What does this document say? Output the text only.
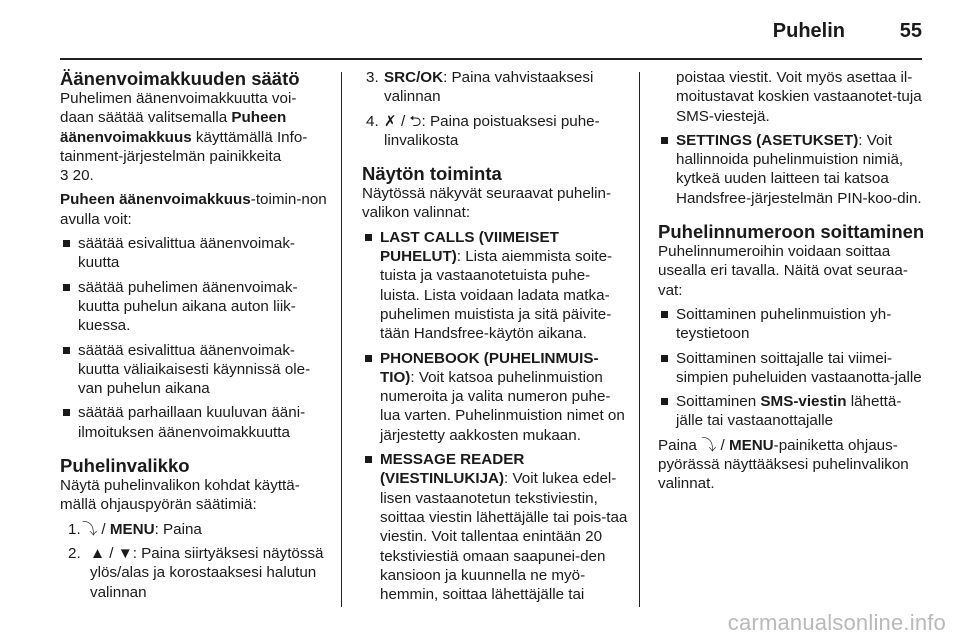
Puhelin	55
Äänenvoimakkuuden säätö

Puhelimen äänenvoimakkuutta voi-daan säätää valitsemalla Puheen äänenvoimakkuus käyttämällä Info-tainment-järjestelmän painikkeita
3 20.

Puheen äänenvoimakkuus-toimin-non avulla voit:

säätää esivalittua äänenvoimak-kuutta
säätää puhelimen äänenvoimak-kuutta puhelun aikana auton liik-kuessa.
säätää esivalittua äänenvoimak-kuutta väliaikaisesti käynnissä ole-van puhelun aikana
säätää parhaillaan kuuluvan ääni-ilmoituksen äänenvoimakkuutta
Puhelinvalikko

Näytä puhelinvalikon kohdat käyttä-mällä ohjauspyörän säätimiä:

1. ⤵ / MENU: Paina
2. ▲ / ▼: Paina siirtyäksesi näytössä ylös/alas ja korostaaksesi halutun valinnan
3. SRC/OK: Paina vahvistaaksesi valinnan
4. ✗ / ⮌: Paina poistuaksesi puhe-linvalikosta
Näytön toiminta

Näytössä näkyvät seuraavat puhelin-valikon valinnat:

LAST CALLS (VIIMEISET PUHELUT): Lista aiemmista soite-tuista ja vastaanotetuista puhe-luista. Lista voidaan ladata matka-puhelimen muistista ja sitä päivite-tään Handsfree-käytön aikana.
PHONEBOOK (PUHELINMUIS-TIO): Voit katsoa puhelinmuistion numeroita ja valita numeron puhe-lua varten. Puhelinmuistion nimet on järjestetty aakkosten mukaan.
MESSAGE READER (VIESTINLUKIJA): Voit lukea edel-lisen vastaanotetun tekstiviestin, soittaa viestin lähettäjälle tai pois-taa viestin. Voit tallentaa enintään 20 tekstiviestiä omaan saapunei-den kansioon ja kuunnella ne myö-hemmin, soittaa lähettäjälle tai

poistaa viestit. Voit myös asettaa il-moitustavat koskien vastaanotet-tuja SMS-viestejä.

SETTINGS (ASETUKSET): Voit hallinnoida puhelinmuistion nimiä, kytkeä uuden laitteen tai katsoa Handsfree-järjestelmän PIN-koo-din.
Puhelinnumeroon soittaminen

Puhelinnumeroihin voidaan soittaa usealla eri tavalla. Näitä ovat seuraa-vat:

Soittaminen puhelinmuistion yh-teystietoon
Soittaminen soittajalle tai viimei-simpien puheluiden vastaanotta-jalle
Soittaminen SMS-viestin lähettä-jälle tai vastaanottajalle

Paina ⤵ / MENU-painiketta ohjaus-pyörässä näyttääksesi puhelinvalikon valinnat.

carmanualsonline.info
